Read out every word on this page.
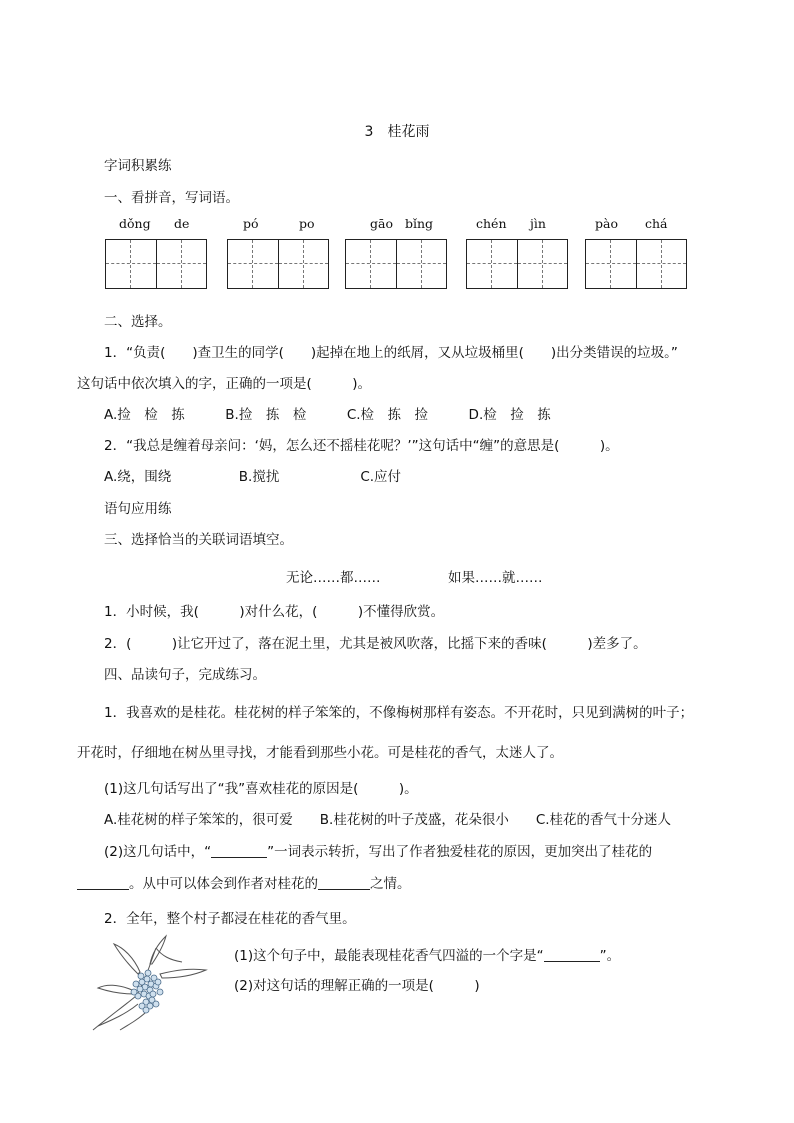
3　桂花雨
字词积累练
一、看拼音，写词语。
dǒng de	pó	po	gāo bǐng	chén jìn	pào chá
二、选择。
1．“负责(　　)查卫生的同学(　　)起掉在地上的纸屑，又从垃圾桶里(　　)出分类错误的垃圾。”
这句话中依次填入的字，正确的一项是(　　　)。
A.捡　检　拣　　　B.捡　拣　检　　　C.检　拣　捡　　　D.检　捡　拣
2．“我总是缠着母亲问：‘妈，怎么还不摇桂花呢？’”这句话中“缠”的意思是(　　　)。
A.绕，围绕　　　　　B.搅扰　　　　　　C.应付
语句应用练
三、选择恰当的关联词语填空。
无论……都……　　　　　如果……就……
1．小时候，我(　　　)对什么花，(　　　)不懂得欣赏。
2．(　　　)让它开过了，落在泥土里，尤其是被风吹落，比摇下来的香味(　　　)差多了。
四、品读句子，完成练习。
1．我喜欢的是桂花。桂花树的样子笨笨的，不像梅树那样有姿态。不开花时，只见到满树的叶子；
开花时，仔细地在树丛里寻找，才能看到那些小花。可是桂花的香气，太迷人了。
(1)这几句话写出了“我”喜欢桂花的原因是(　　　)。
A.桂花树的样子笨笨的，很可爱　　B.桂花树的叶子茂盛，花朵很小　　C.桂花的香气十分迷人
(2)这几句话中，“	”一词表示转折，写出了作者独爱桂花的原因，更加突出了桂花的
。从中可以体会到作者对桂花的	之情。
2．全年，整个村子都浸在桂花的香气里。
(1)这个句子中，最能表现桂花香气四溢的一个字是“	”。
(2)对这句话的理解正确的一项是(　　　)
